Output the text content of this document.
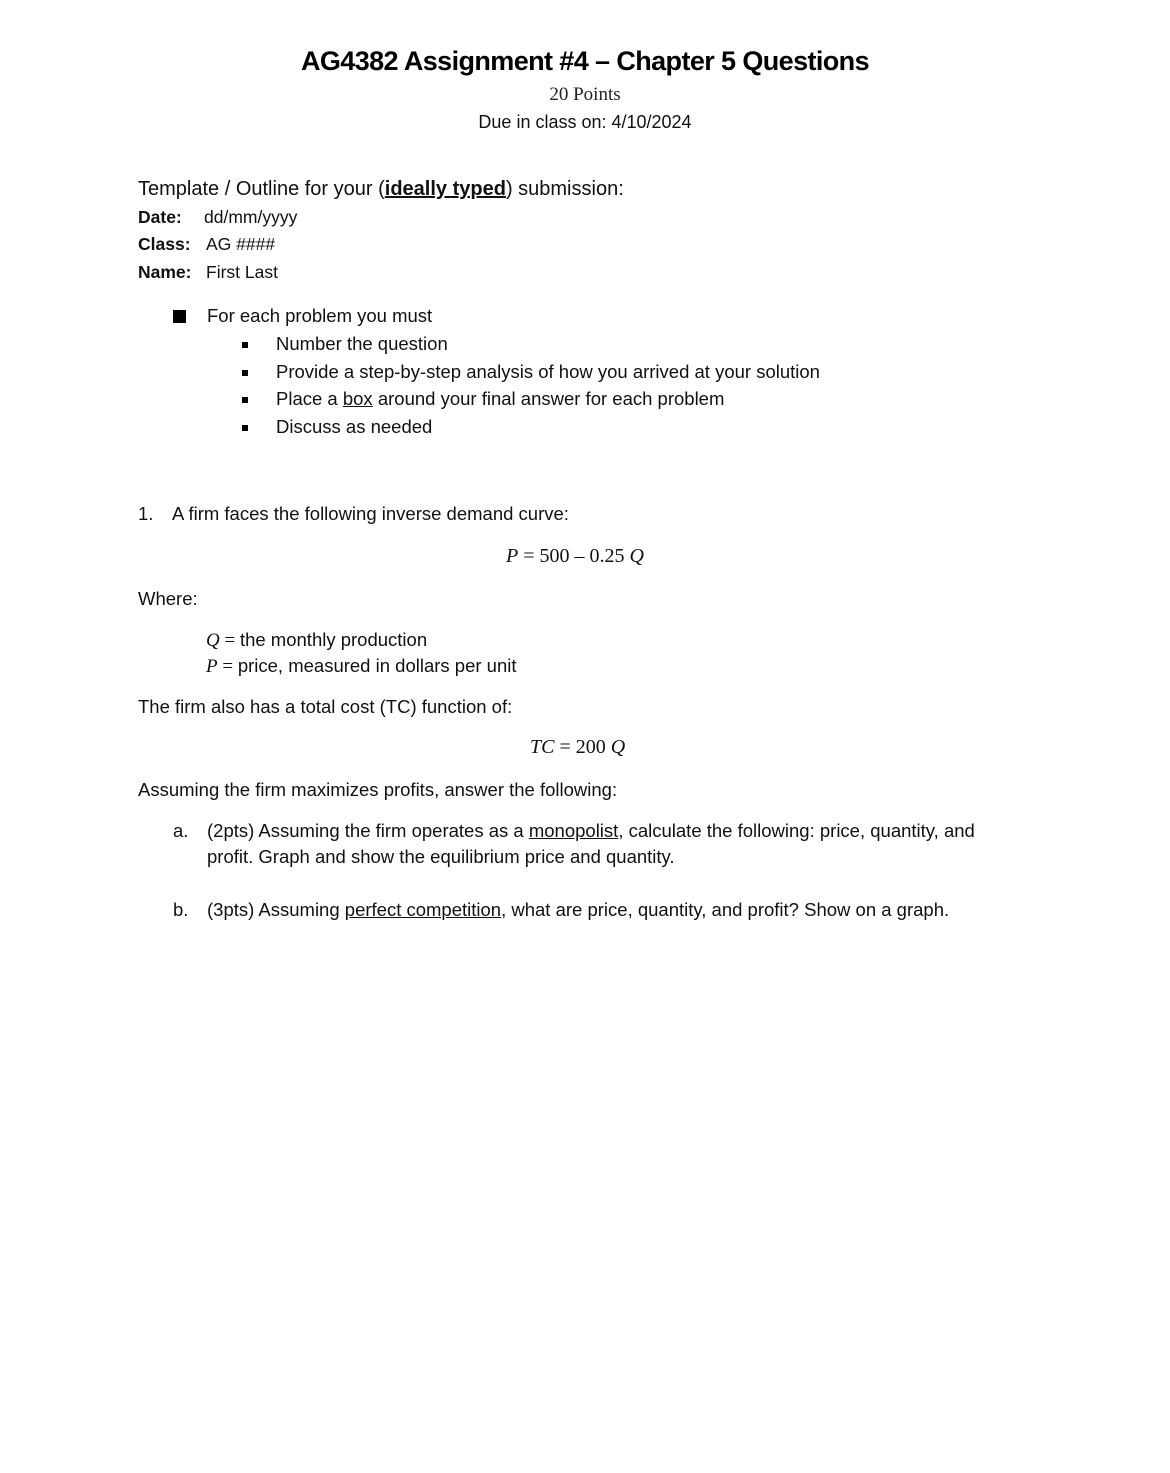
AG4382 Assignment #4 – Chapter 5 Questions
20 Points
Due in class on: 4/10/2024
Template / Outline for your (ideally typed) submission:
Date: dd/mm/yyyy
Class: AG ####
Name: First Last
For each problem you must
Number the question
Provide a step-by-step analysis of how you arrived at your solution
Place a box around your final answer for each problem
Discuss as needed
1. A firm faces the following inverse demand curve:
P = 500 – 0.25 Q
Where:
Q = the monthly production
P = price, measured in dollars per unit
The firm also has a total cost (TC) function of:
TC = 200 Q
Assuming the firm maximizes profits, answer the following:
a. (2pts) Assuming the firm operates as a monopolist, calculate the following: price, quantity, and
profit. Graph and show the equilibrium price and quantity.
b. (3pts) Assuming perfect competition, what are price, quantity, and profit? Show on a graph.
